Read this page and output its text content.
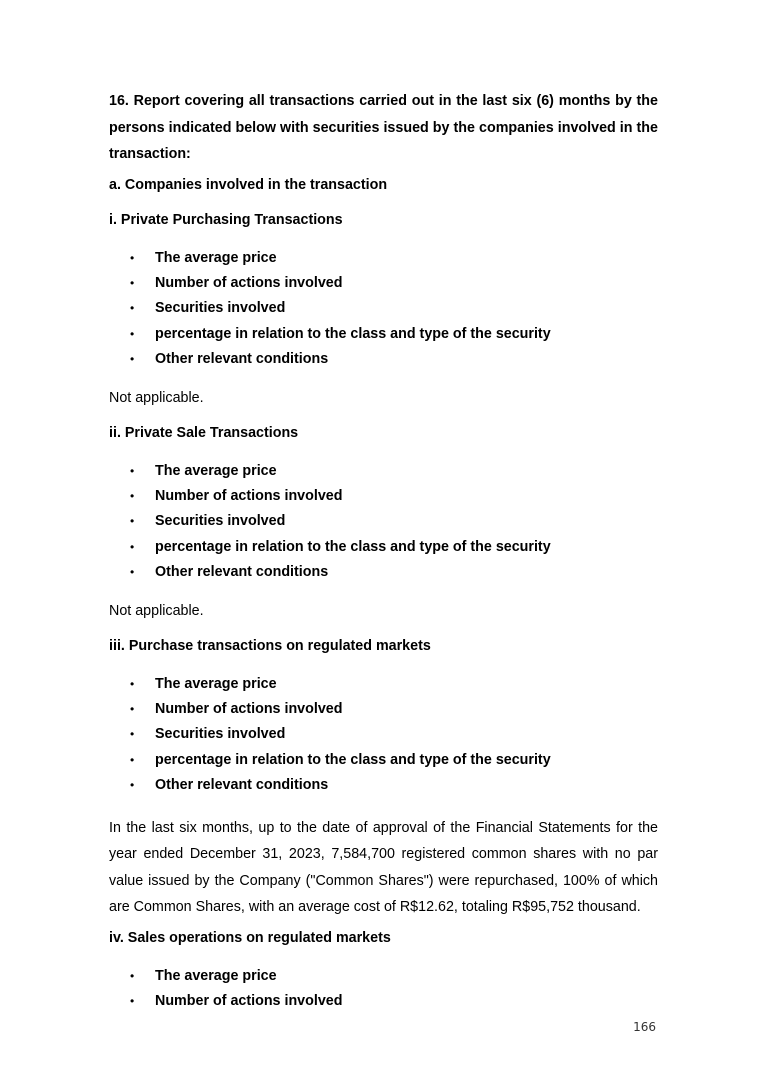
16. Report covering all transactions carried out in the last six (6) months by the persons indicated below with securities issued by the companies involved in the transaction:

a. Companies involved in the transaction

i. Private Purchasing Transactions

• The average price
• Number of actions involved
• Securities involved
• percentage in relation to the class and type of the security
• Other relevant conditions

Not applicable.

ii. Private Sale Transactions

• The average price
• Number of actions involved
• Securities involved
• percentage in relation to the class and type of the security
• Other relevant conditions

Not applicable.

iii. Purchase transactions on regulated markets

• The average price
• Number of actions involved
• Securities involved
• percentage in relation to the class and type of the security
• Other relevant conditions

In the last six months, up to the date of approval of the Financial Statements for the year ended December 31, 2023, 7,584,700 registered common shares with no par value issued by the Company ("Common Shares") were repurchased, 100% of which are Common Shares, with an average cost of R$12.62, totaling R$95,752 thousand.

iv. Sales operations on regulated markets

• The average price
• Number of actions involved
166
